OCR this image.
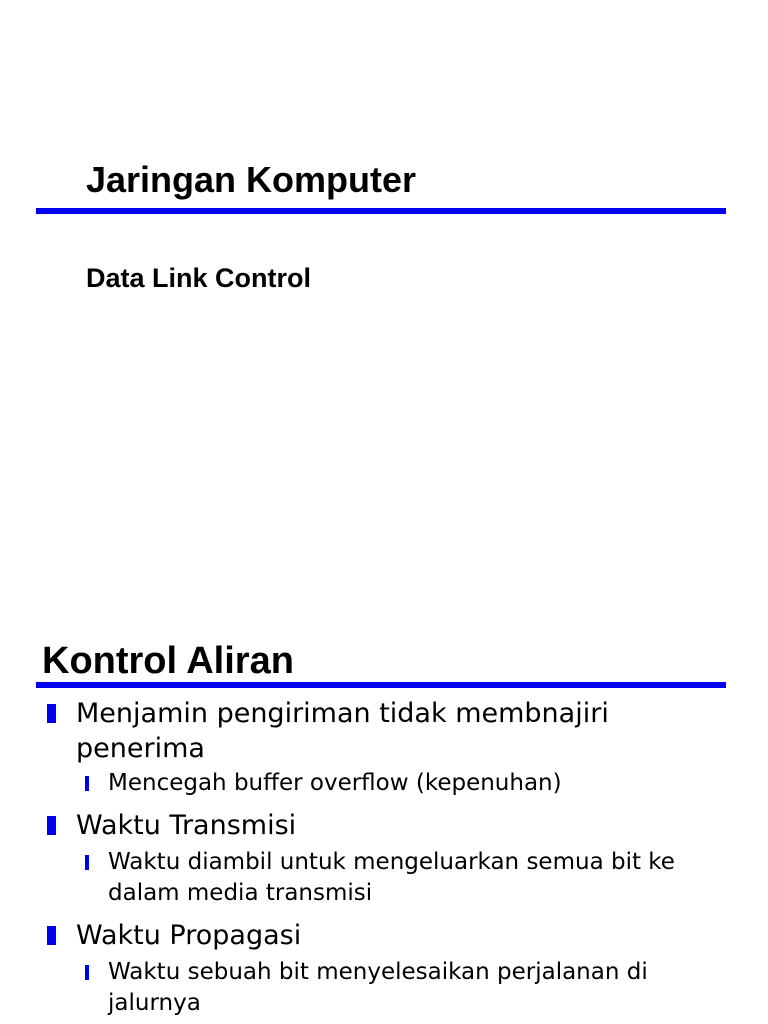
Jaringan Komputer
Data Link Control
Kontrol Aliran
Menjamin pengiriman tidak membnajiri penerima
Mencegah buffer overflow (kepenuhan)
Waktu Transmisi
Waktu diambil untuk mengeluarkan semua bit ke dalam media transmisi
Waktu Propagasi
Waktu sebuah bit menyelesaikan perjalanan di jalurnya
